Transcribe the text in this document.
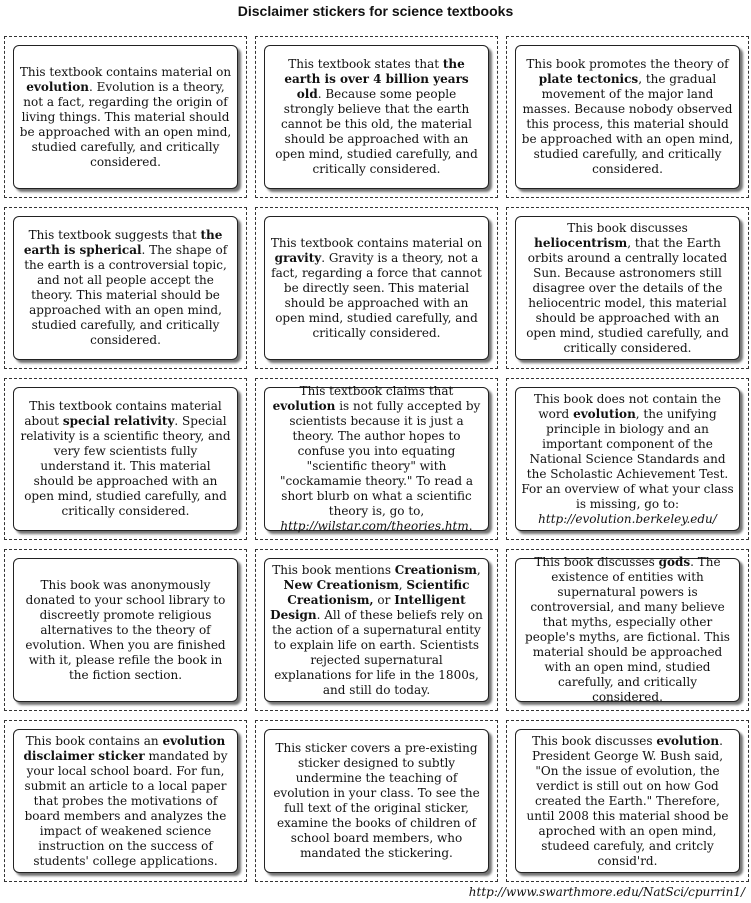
Disclaimer stickers for science textbooks

This textbook contains material on evolution. Evolution is a theory, not a fact, regarding the origin of living things. This material should be approached with an open mind, studied carefully, and critically considered.

This textbook states that the earth is over 4 billion years old. Because some people strongly believe that the earth cannot be this old, the material should be approached with an open mind, studied carefully, and critically considered.

This book promotes the theory of plate tectonics, the gradual movement of the major land masses. Because nobody observed this process, this material should be approached with an open mind, studied carefully, and critically considered.

This textbook suggests that the earth is spherical. The shape of the earth is a controversial topic, and not all people accept the theory. This material should be approached with an open mind, studied carefully, and critically considered.

This textbook contains material on gravity. Gravity is a theory, not a fact, regarding a force that cannot be directly seen. This material should be approached with an open mind, studied carefully, and critically considered.

This book discusses heliocentrism, that the Earth orbits around a centrally located Sun. Because astronomers still disagree over the details of the heliocentric model, this material should be approached with an open mind, studied carefully, and critically considered.

This textbook contains material about special relativity. Special relativity is a scientific theory, and very few scientists fully understand it. This material should be approached with an open mind, studied carefully, and critically considered.

This textbook claims that evolution is not fully accepted by scientists because it is just a theory. The author hopes to confuse you into equating "scientific theory" with "cockamamie theory." To read a short blurb on what a scientific theory is, go to, http://wilstar.com/theories.htm.

This book does not contain the word evolution, the unifying principle in biology and an important component of the National Science Standards and the Scholastic Achievement Test. For an overview of what your class is missing, go to: http://evolution.berkeley.edu/

This book was anonymously donated to your school library to discreetly promote religious alternatives to the theory of evolution. When you are finished with it, please refile the book in the fiction section.

This book mentions Creationism, New Creationism, Scientific Creationism, or Intelligent Design. All of these beliefs rely on the action of a supernatural entity to explain life on earth. Scientists rejected supernatural explanations for life in the 1800s, and still do today.

This book discusses gods. The existence of entities with supernatural powers is controversial, and many believe that myths, especially other people's myths, are fictional. This material should be approached with an open mind, studied carefully, and critically considered.

This book contains an evolution disclaimer sticker mandated by your local school board. For fun, submit an article to a local paper that probes the motivations of board members and analyzes the impact of weakened science instruction on the success of students' college applications.

This sticker covers a pre-existing sticker designed to subtly undermine the teaching of evolution in your class. To see the full text of the original sticker, examine the books of children of school board members, who mandated the stickering.

This book discusses evolution. President George W. Bush said, "On the issue of evolution, the verdict is still out on how God created the Earth." Therefore, until 2008 this material shood be aproched with an open mind, studeed carefuly, and critcly consid'rd.

http://www.swarthmore.edu/NatSci/cpurrin1/
